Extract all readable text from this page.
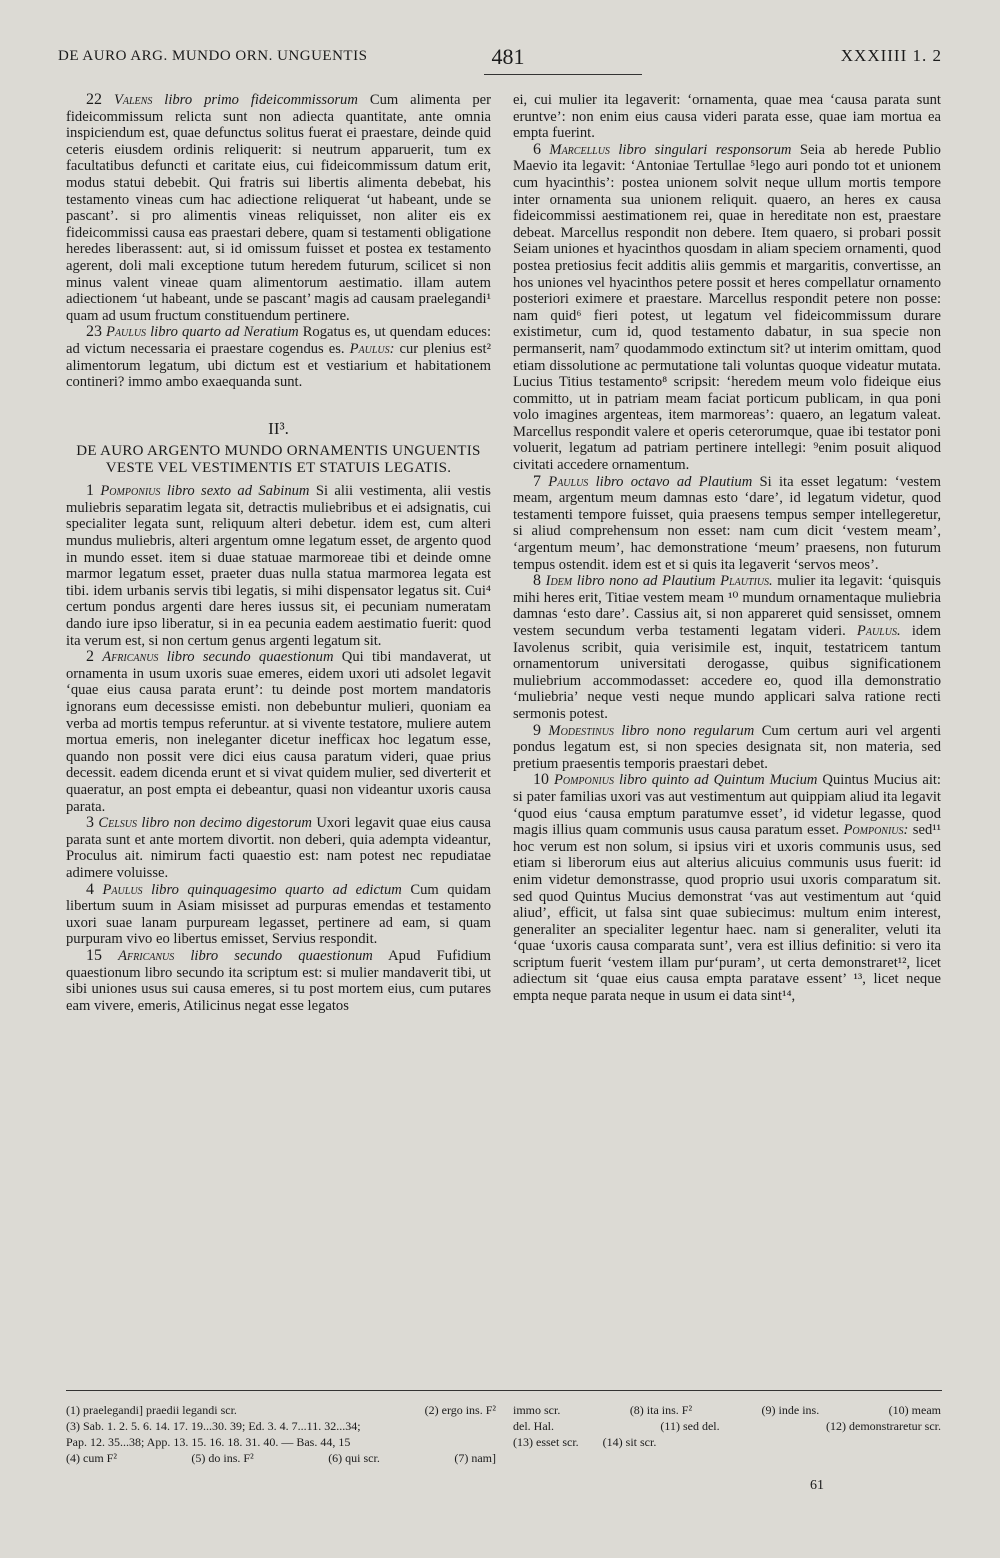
DE AURO ARG. MUNDO ORN. UNGUENTIS	481	XXXIIII 1. 2

22 Valens libro primo fideicommissorum Cum alimenta per fideicommissum relicta sunt non adiecta quantitate, ante omnia inspiciendum est, quae defunctus solitus fuerat ei praestare, deinde quid ceteris eiusdem ordinis reliquerit: si neutrum apparuerit, tum ex facultatibus defuncti et caritate eius, cui fideicommissum datum erit, modus statui debebit. Qui fratris sui libertis alimenta debebat, his testamento vineas cum hac adiectione reliquerat ‘ut habeant, unde se pascant’. si pro alimentis vineas reliquisset, non aliter eis ex fideicommissi causa eas praestari debere, quam si testamenti obligatione heredes liberassent: aut, si id omissum fuisset et postea ex testamento agerent, doli mali exceptione tutum heredem futurum, scilicet si non minus valent vineae quam alimentorum aestimatio. illam autem adiectionem ‘ut habeant, unde se pascant’ magis ad causam praelegandi¹ quam ad usum fructum constituendum pertinere.

23 Paulus libro quarto ad Neratium Rogatus es, ut quendam educes: ad victum necessaria ei praestare cogendus es. Paulus: cur plenius est² alimentorum legatum, ubi dictum est et vestiarium et habitationem contineri? immo ambo exaequanda sunt.

II³.
DE AURO ARGENTO MUNDO ORNAMENTIS UNGUENTIS VESTE VEL VESTIMENTIS ET STATUIS LEGATIS.

1 Pomponius libro sexto ad Sabinum Si alii vestimenta, alii vestis muliebris separatim legata sit, detractis muliebribus et ei adsignatis, cui specialiter legata sunt, reliquum alteri debetur. idem est, cum alteri mundus muliebris, alteri argentum omne legatum esset, de argento quod in mundo esset. item si duae statuae marmoreae tibi et deinde omne marmor legatum esset, praeter duas nulla statua marmorea legata est tibi. idem urbanis servis tibi legatis, si mihi dispensator legatus sit. Cui⁴ certum pondus argenti dare heres iussus sit, ei pecuniam numeratam dando iure ipso liberatur, si in ea pecunia eadem aestimatio fuerit: quod ita verum est, si non certum genus argenti legatum sit.

2 Africanus libro secundo quaestionum Qui tibi mandaverat, ut ornamenta in usum uxoris suae emeres, eidem uxori uti adsolet legavit ‘quae eius causa parata erunt’: tu deinde post mortem mandatoris ignorans eum decessisse emisti. non debebuntur mulieri, quoniam ea verba ad mortis tempus referuntur. at si vivente testatore, muliere autem mortua emeris, non ineleganter dicetur inefficax hoc legatum esse, quando non possit vere dici eius causa paratum videri, quae prius decessit. eadem dicenda erunt et si vivat quidem mulier, sed diverterit et quaeratur, an post empta ei debeantur, quasi non videantur uxoris causa parata.

3 Celsus libro non decimo digestorum Uxori legavit quae eius causa parata sunt et ante mortem divortit. non deberi, quia adempta videantur, Proculus ait. nimirum facti quaestio est: nam potest nec repudiatae adimere voluisse.

4 Paulus libro quinquagesimo quarto ad edictum Cum quidam libertum suum in Asiam misisset ad purpuras emendas et testamento uxori suae lanam purpuream legasset, pertinere ad eam, si quam purpuram vivo eo libertus emisset, Servius respondit.

15 Africanus libro secundo quaestionum Apud Fufidium quaestionum libro secundo ita scriptum est: si mulier mandaverit tibi, ut sibi uniones usus sui causa emeres, si tu post mortem eius, cum putares eam vivere, emeris, Atilicinus negat esse legatos

ei, cui mulier ita legaverit: ‘ornamenta, quae mea ‘causa parata sunt eruntve’: non enim eius causa videri parata esse, quae iam mortua ea empta fuerint.

6 Marcellus libro singulari responsorum Seia ab herede Publio Maevio ita legavit: ‘Antoniae Tertullae ⁵lego auri pondo tot et unionem cum hyacinthis’: postea unionem solvit neque ullum mortis tempore inter ornamenta sua unionem reliquit. quaero, an heres ex causa fideicommissi aestimationem rei, quae in hereditate non est, praestare debeat. Marcellus respondit non debere. Item quaero, si probari possit Seiam uniones et hyacinthos quosdam in aliam speciem ornamenti, quod postea pretiosius fecit additis aliis gemmis et margaritis, convertisse, an hos uniones vel hyacinthos petere possit et heres compellatur ornamento posteriori eximere et praestare. Marcellus respondit petere non posse: nam quid⁶ fieri potest, ut legatum vel fideicommissum durare existimetur, cum id, quod testamento dabatur, in sua specie non permanserit, nam⁷ quodammodo extinctum sit? ut interim omittam, quod etiam dissolutione ac permutatione tali voluntas quoque videatur mutata. Lucius Titius testamento⁸ scripsit: ‘heredem meum volo fideique eius committo, ut in patriam meam faciat porticum publicam, in qua poni volo imagines argenteas, item marmoreas’: quaero, an legatum valeat. Marcellus respondit valere et operis ceterorumque, quae ibi testator poni voluerit, legatum ad patriam pertinere intellegi: ⁹enim posuit aliquod civitati accedere ornamentum.

7 Paulus libro octavo ad Plautium Si ita esset legatum: ‘vestem meam, argentum meum damnas esto ‘dare’, id legatum videtur, quod testamenti tempore fuisset, quia praesens tempus semper intellegeretur, si aliud comprehensum non esset: nam cum dicit ‘vestem meam’, ‘argentum meum’, hac demonstratione ‘meum’ praesens, non futurum tempus ostendit. idem est et si quis ita legaverit ‘servos meos’.

8 Idem libro nono ad Plautium Plautius. mulier ita legavit: ‘quisquis mihi heres erit, Titiae vestem meam ¹⁰ mundum ornamentaque muliebria damnas ‘esto dare’. Cassius ait, si non appareret quid sensisset, omnem vestem secundum verba testamenti legatam videri. Paulus. idem Iavolenus scribit, quia verisimile est, inquit, testatricem tantum ornamentorum universitati derogasse, quibus significationem muliebrium accommodasset: accedere eo, quod illa demonstratio ‘muliebria’ neque vesti neque mundo applicari salva ratione recti sermonis potest.

9 Modestinus libro nono regularum Cum certum auri vel argenti pondus legatum est, si non species designata sit, non materia, sed pretium praesentis temporis praestari debet.

10 Pomponius libro quinto ad Quintum Mucium Quintus Mucius ait: si pater familias uxori vas aut vestimentum aut quippiam aliud ita legavit ‘quod eius ‘causa emptum paratumve esset’, id videtur legasse, quod magis illius quam communis usus causa paratum esset. Pomponius: sed¹¹ hoc verum est non solum, si ipsius viri et uxoris communis usus, sed etiam si liberorum eius aut alterius alicuius communis usus fuerit: id enim videtur demonstrasse, quod proprio usui uxoris comparatum sit. sed quod Quintus Mucius demonstrat ‘vas aut vestimentum aut ‘quid aliud’, efficit, ut falsa sint quae subiecimus: multum enim interest, generaliter an specialiter legentur haec. nam si generaliter, veluti ita ‘quae ‘uxoris causa comparata sunt’, vera est illius definitio: si vero ita scriptum fuerit ‘vestem illam pur‘puram’, ut certa demonstraret¹², licet adiectum sit ‘quae eius causa empta paratave essent’ ¹³, licet neque empta neque parata neque in usum ei data sint¹⁴,

(1) praelegandi] praedii legandi scr.	(2) ergo ins. F²
(3) Sab. 1. 2. 5. 6. 14. 17. 19...30. 39; Ed. 3. 4. 7...11. 32...34;
Pap. 12. 35...38; App. 13. 15. 16. 18. 31. 40. — Bas. 44, 15
(4) cum F²	(5) do ins. F²	(6) qui scr.	(7) nam]
immo scr.	(8) ita ins. F²	(9) inde ins.	(10) meam
del. Hal.	(11) sed del.	(12) demonstraretur scr.
(13) esset scr. (14) sit scr.
61
